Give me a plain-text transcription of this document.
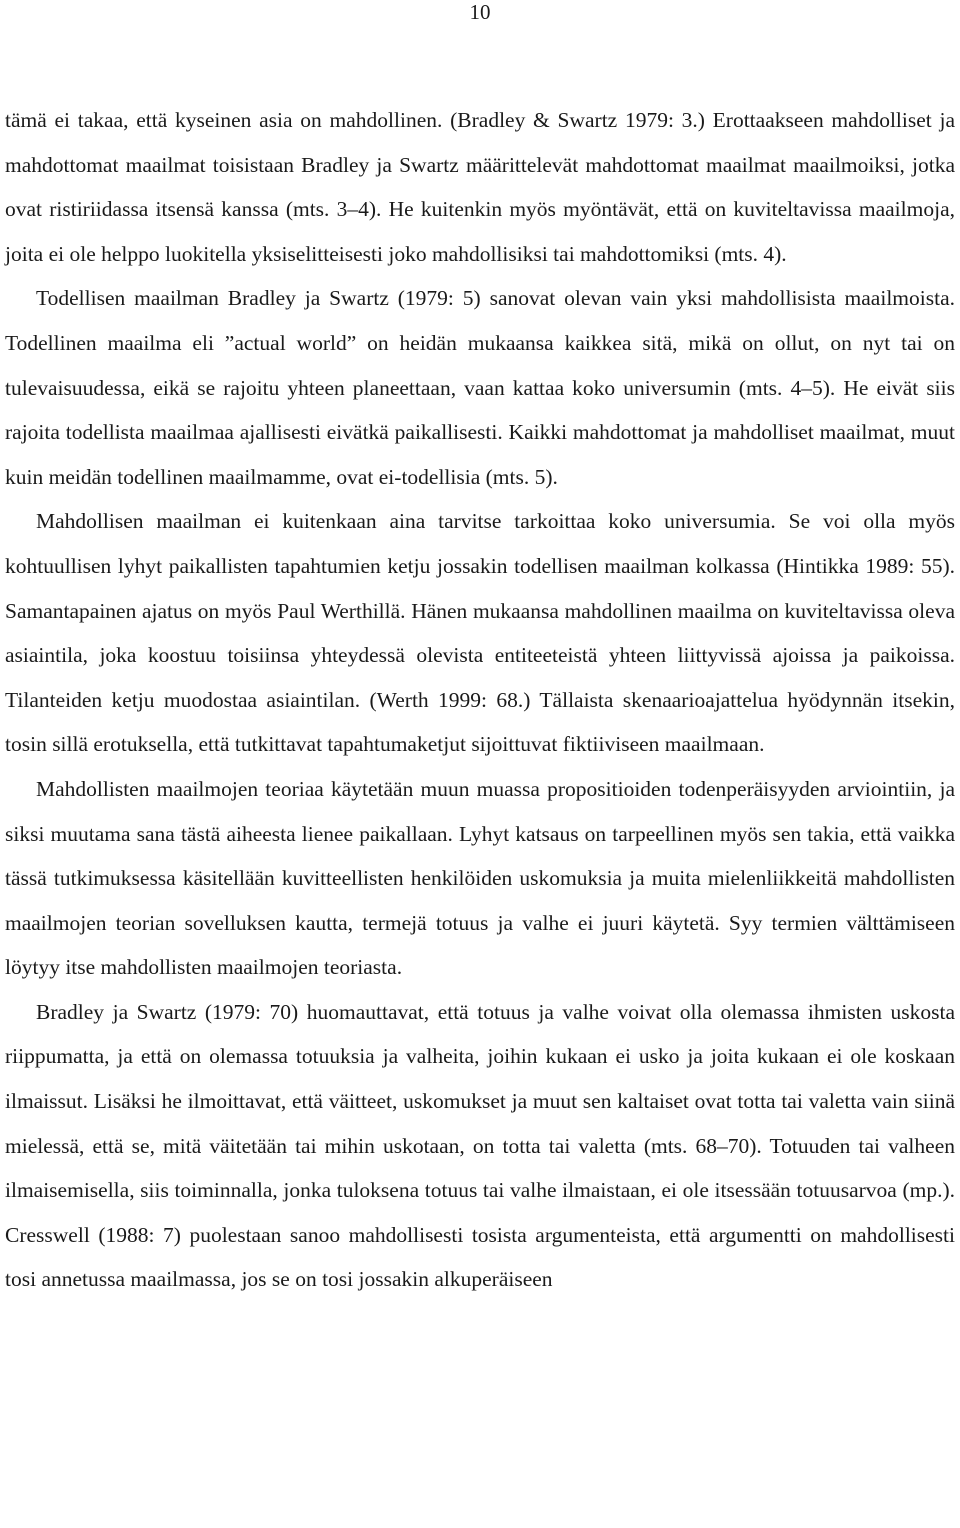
10

tämä ei takaa, että kyseinen asia on mahdollinen. (Bradley & Swartz 1979: 3.) Erottaakseen mahdolliset ja mahdottomat maailmat toisistaan Bradley ja Swartz määrittelevät mahdottomat maailmat maailmoiksi, jotka ovat ristiriidassa itsensä kanssa (mts. 3–4). He kuitenkin myös myöntävät, että on kuviteltavissa maailmoja, joita ei ole helppo luokitella yksiselitteisesti joko mahdollisiksi tai mahdottomiksi (mts. 4).

Todellisen maailman Bradley ja Swartz (1979: 5) sanovat olevan vain yksi mahdollisista maailmoista. Todellinen maailma eli ”actual world” on heidän mukaansa kaikkea sitä, mikä on ollut, on nyt tai on tulevaisuudessa, eikä se rajoitu yhteen planeettaan, vaan kattaa koko universumin (mts. 4–5). He eivät siis rajoita todellista maailmaa ajallisesti eivätkä paikallisesti. Kaikki mahdottomat ja mahdolliset maailmat, muut kuin meidän todellinen maailmamme, ovat ei-todellisia (mts. 5).

Mahdollisen maailman ei kuitenkaan aina tarvitse tarkoittaa koko universumia. Se voi olla myös kohtuullisen lyhyt paikallisten tapahtumien ketju jossakin todellisen maailman kolkassa (Hintikka 1989: 55). Samantapainen ajatus on myös Paul Werthillä. Hänen mukaansa mahdollinen maailma on kuviteltavissa oleva asiaintila, joka koostuu toisiinsa yhteydessä olevista entiteeteistä yhteen liittyvissä ajoissa ja paikoissa. Tilanteiden ketju muodostaa asiaintilan. (Werth 1999: 68.) Tällaista skenaarioajattelua hyödynnän itsekin, tosin sillä erotuksella, että tutkittavat tapahtumaketjut sijoittuvat fiktiiviseen maailmaan.

Mahdollisten maailmojen teoriaa käytetään muun muassa propositioiden todenperäisyyden arviointiin, ja siksi muutama sana tästä aiheesta lienee paikallaan. Lyhyt katsaus on tarpeellinen myös sen takia, että vaikka tässä tutkimuksessa käsitellään kuvitteellisten henkilöiden uskomuksia ja muita mielenliikkeitä mahdollisten maailmojen teorian sovelluksen kautta, termejä totuus ja valhe ei juuri käytetä. Syy termien välttämiseen löytyy itse mahdollisten maailmojen teoriasta.

Bradley ja Swartz (1979: 70) huomauttavat, että totuus ja valhe voivat olla olemassa ihmisten uskosta riippumatta, ja että on olemassa totuuksia ja valheita, joihin kukaan ei usko ja joita kukaan ei ole koskaan ilmaissut. Lisäksi he ilmoittavat, että väitteet, uskomukset ja muut sen kaltaiset ovat totta tai valetta vain siinä mielessä, että se, mitä väitetään tai mihin uskotaan, on totta tai valetta (mts. 68–70). Totuuden tai valheen ilmaisemisella, siis toiminnalla, jonka tuloksena totuus tai valhe ilmaistaan, ei ole itsessään totuusarvoa (mp.). Cresswell (1988: 7) puolestaan sanoo mahdollisesti tosista argumenteista, että argumentti on mahdollisesti tosi annetussa maailmassa, jos se on tosi jossakin alkuperäiseen
